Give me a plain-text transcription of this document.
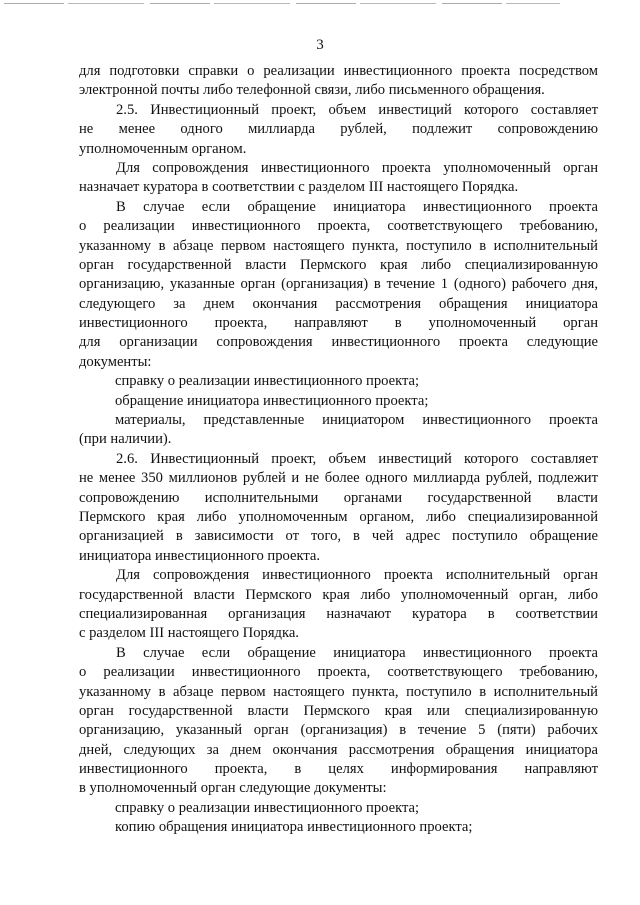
3
для подготовки справки о реализации инвестиционного проекта посредством
электронной почты либо телефонной связи, либо письменного обращения.
2.5. Инвестиционный проект, объем инвестиций которого составляет
не менее одного миллиарда рублей, подлежит сопровождению
уполномоченным органом.
Для сопровождения инвестиционного проекта уполномоченный орган
назначает куратора в соответствии с разделом III настоящего Порядка.
В случае если обращение инициатора инвестиционного проекта
о реализации инвестиционного проекта, соответствующего требованию,
указанному в абзаце первом настоящего пункта, поступило в исполнительный
орган государственной власти Пермского края либо специализированную
организацию, указанные орган (организация) в течение 1 (одного) рабочего дня,
следующего за днем окончания рассмотрения обращения инициатора
инвестиционного проекта, направляют в уполномоченный орган
для организации сопровождения инвестиционного проекта следующие
документы:
справку о реализации инвестиционного проекта;
обращение инициатора инвестиционного проекта;
материалы, представленные инициатором инвестиционного проекта
(при наличии).
2.6. Инвестиционный проект, объем инвестиций которого составляет
не менее 350 миллионов рублей и не более одного миллиарда рублей, подлежит
сопровождению исполнительными органами государственной власти
Пермского края либо уполномоченным органом, либо специализированной
организацией в зависимости от того, в чей адрес поступило обращение
инициатора инвестиционного проекта.
Для сопровождения инвестиционного проекта исполнительный орган
государственной власти Пермского края либо уполномоченный орган, либо
специализированная организация назначают куратора в соответствии
с разделом III настоящего Порядка.
В случае если обращение инициатора инвестиционного проекта
о реализации инвестиционного проекта, соответствующего требованию,
указанному в абзаце первом настоящего пункта, поступило в исполнительный
орган государственной власти Пермского края или специализированную
организацию, указанный орган (организация) в течение 5 (пяти) рабочих
дней, следующих за днем окончания рассмотрения обращения инициатора
инвестиционного проекта, в целях информирования направляют
в уполномоченный орган следующие документы:
справку о реализации инвестиционного проекта;
копию обращения инициатора инвестиционного проекта;
